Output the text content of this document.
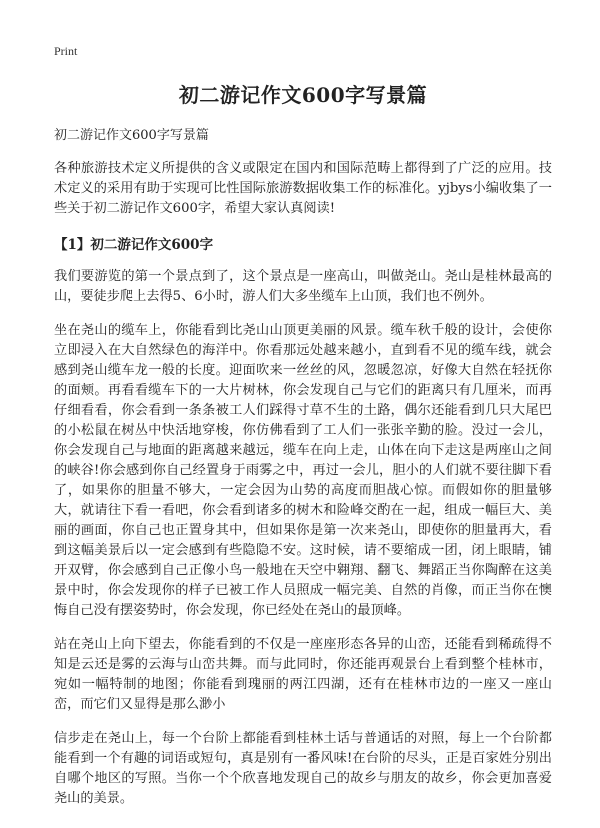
Print
初二游记作文600字写景篇
初二游记作文600字写景篇

各种旅游技术定义所提供的含义或限定在国内和国际范畴上都得到了广泛的应用。技术定义的采用有助于实现可比性国际旅游数据收集工作的标准化。yjbys小编收集了一些关于初二游记作文600字，希望大家认真阅读!

【1】初二游记作文600字

我们要游览的第一个景点到了，这个景点是一座高山，叫做尧山。尧山是桂林最高的山，要徒步爬上去得5、6小时，游人们大多坐缆车上山顶，我们也不例外。

坐在尧山的缆车上，你能看到比尧山山顶更美丽的风景。缆车秋千般的设计，会使你立即浸入在大自然绿色的海洋中。你看那远处越来越小，直到看不见的缆车线，就会感到尧山缆车龙一般的长度。迎面吹来一丝丝的风，忽暖忽凉，好像大自然在轻抚你的面颊。再看看缆车下的一大片树林，你会发现自己与它们的距离只有几厘米，而再仔细看看，你会看到一条条被工人们踩得寸草不生的土路，偶尔还能看到几只大尾巴的小松鼠在树丛中快活地穿梭，你仿佛看到了工人们一张张辛勤的脸。没过一会儿，你会发现自己与地面的距离越来越远，缆车在向上走，山体在向下走这是两座山之间的峡谷!你会感到你自己经置身于雨雾之中，再过一会儿，胆小的人们就不要往脚下看了，如果你的胆量不够大，一定会因为山势的高度而胆战心惊。而假如你的胆量够大，就请往下看一看吧，你会看到诸多的树木和险峰交酌在一起，组成一幅巨大、美丽的画面，你自己也正置身其中，但如果你是第一次来尧山，即使你的胆量再大，看到这幅美景后以一定会感到有些隐隐不安。这时候，请不要缩成一团，闭上眼睛，铺开双臂，你会感到自己正像小鸟一般地在天空中翱翔、翻飞、舞蹈正当你陶醉在这美景中时，你会发现你的样子已被工作人员照成一幅完美、自然的肖像，而正当你在懊悔自己没有摆姿势时，你会发现，你已经处在尧山的最顶峰。

站在尧山上向下望去，你能看到的不仅是一座座形态各异的山峦，还能看到稀疏得不知是云还是雾的云海与山峦共舞。而与此同时，你还能再观景台上看到整个桂林市，宛如一幅特制的地图；你能看到瑰丽的两江四湖，还有在桂林市边的一座又一座山峦，而它们又显得是那么渺小

信步走在尧山上，每一个台阶上都能看到桂林土话与普通话的对照，每上一个台阶都能看到一个有趣的词语或短句，真是别有一番风味!在台阶的尽头，正是百家姓分别出自哪个地区的写照。当你一个个欣喜地发现自己的故乡与朋友的故乡，你会更加喜爱尧山的美景。
